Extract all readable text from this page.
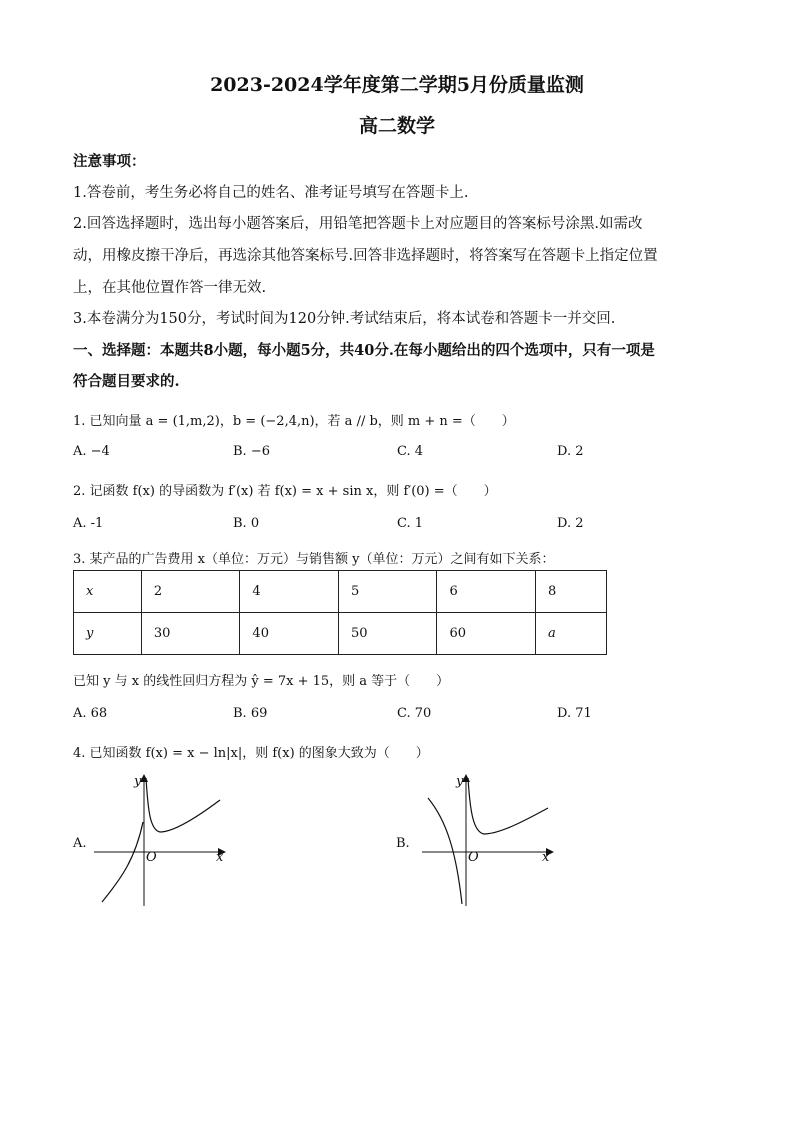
2023-2024学年度第二学期5月份质量监测
高二数学
注意事项：
1.答卷前，考生务必将自己的姓名、准考证号填写在答题卡上.
2.回答选择题时，选出每小题答案后，用铅笔把答题卡上对应题目的答案标号涂黑.如需改
动，用橡皮擦干净后，再选涂其他答案标号.回答非选择题时，将答案写在答题卡上指定位置
上，在其他位置作答一律无效.
3.本卷满分为150分，考试时间为120分钟.考试结束后，将本试卷和答题卡一并交回.
一、选择题：本题共8小题，每小题5分，共40分.在每小题给出的四个选项中，只有一项是
符合题目要求的.
1. 已知向量 a = (1,m,2)，b = (−2,4,n)，若 a // b，则 m + n =（　　）
A. −4	B. −6	C. 4	D. 2
2. 记函数 f(x) 的导函数为 f′(x) 若 f(x) = x + sin x，则 f′(0) =（　　）
A. -1	B. 0	C. 1	D. 2
3. 某产品的广告费用 x（单位：万元）与销售额 y（单位：万元）之间有如下关系：
x	2	4	5	6	8
y	30	40	50	60	a
已知 y 与 x 的线性回归方程为 ŷ = 7x + 15，则 a 等于（　　）
A. 68	B. 69	C. 70	D. 71
4. 已知函数 f(x) = x − ln|x|，则 f(x) 的图象大致为（　　）
A.
y
x
O
B.
y
x
O
